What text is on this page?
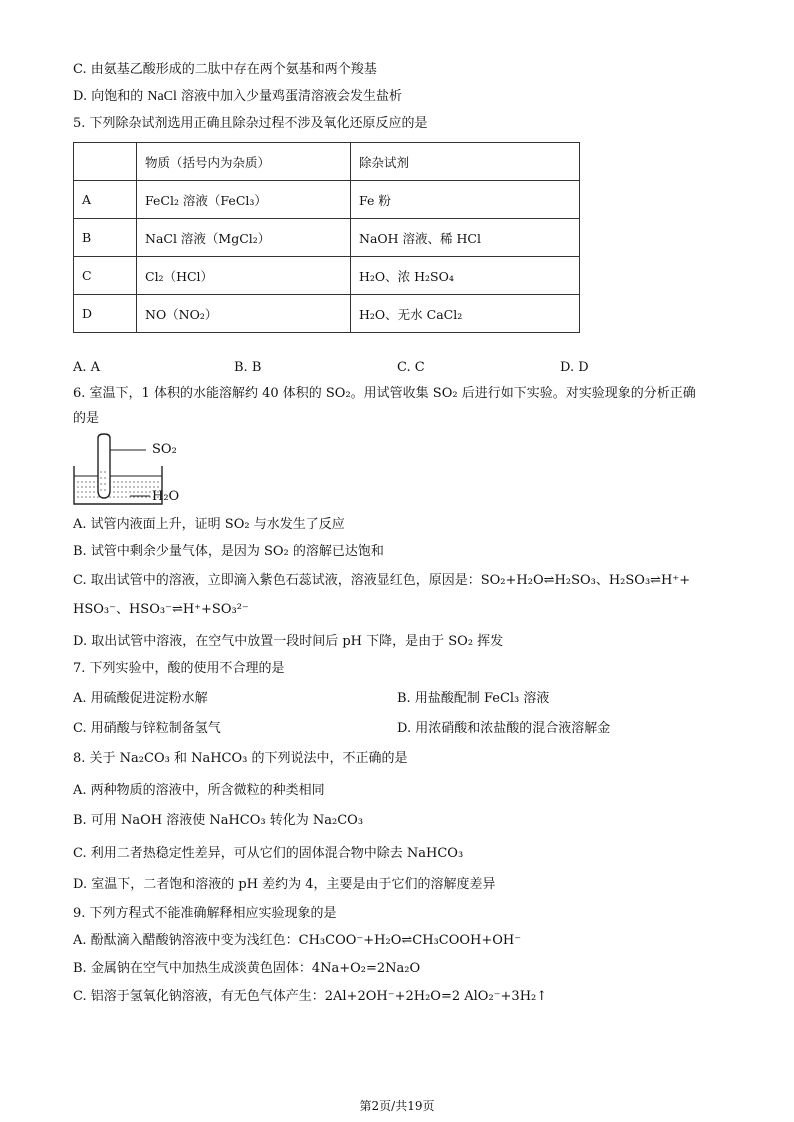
C. 由氨基乙酸形成的二肽中存在两个氨基和两个羧基
D. 向饱和的 NaCl 溶液中加入少量鸡蛋清溶液会发生盐析
5. 下列除杂试剂选用正确且除杂过程不涉及氧化还原反应的是
	物质（括号内为杂质）	除杂试剂
A	FeCl₂ 溶液（FeCl₃）	Fe 粉
B	NaCl 溶液（MgCl₂）	NaOH 溶液、稀 HCl
C	Cl₂（HCl）	H₂O、浓 H₂SO₄
D	NO（NO₂）	H₂O、无水 CaCl₂
A. A	B. B	C. C	D. D
6. 室温下，1 体积的水能溶解约 40 体积的 SO₂。用试管收集 SO₂ 后进行如下实验。对实验现象的分析正确
的是
SO₂
H₂O
A. 试管内液面上升，证明 SO₂ 与水发生了反应
B. 试管中剩余少量气体，是因为 SO₂ 的溶解已达饱和
C. 取出试管中的溶液，立即滴入紫色石蕊试液，溶液显红色，原因是：SO₂+H₂O⇌H₂SO₃、H₂SO₃⇌H⁺+
HSO₃⁻、HSO₃⁻⇌H⁺+SO₃²⁻
D. 取出试管中溶液，在空气中放置一段时间后 pH 下降，是由于 SO₂ 挥发
7. 下列实验中，酸的使用不合理的是
A. 用硫酸促进淀粉水解	B. 用盐酸配制 FeCl₃ 溶液
C. 用硝酸与锌粒制备氢气	D. 用浓硝酸和浓盐酸的混合液溶解金
8. 关于 Na₂CO₃ 和 NaHCO₃ 的下列说法中，不正确的是
A. 两种物质的溶液中，所含微粒的种类相同
B. 可用 NaOH 溶液使 NaHCO₃ 转化为 Na₂CO₃
C. 利用二者热稳定性差异，可从它们的固体混合物中除去 NaHCO₃
D. 室温下，二者饱和溶液的 pH 差约为 4，主要是由于它们的溶解度差异
9. 下列方程式不能准确解释相应实验现象的是
A. 酚酞滴入醋酸钠溶液中变为浅红色：CH₃COO⁻+H₂O⇌CH₃COOH+OH⁻
B. 金属钠在空气中加热生成淡黄色固体：4Na+O₂=2Na₂O
C. 铝溶于氢氧化钠溶液，有无色气体产生：2Al+2OH⁻+2H₂O=2 AlO₂⁻+3H₂↑
第2页/共19页
